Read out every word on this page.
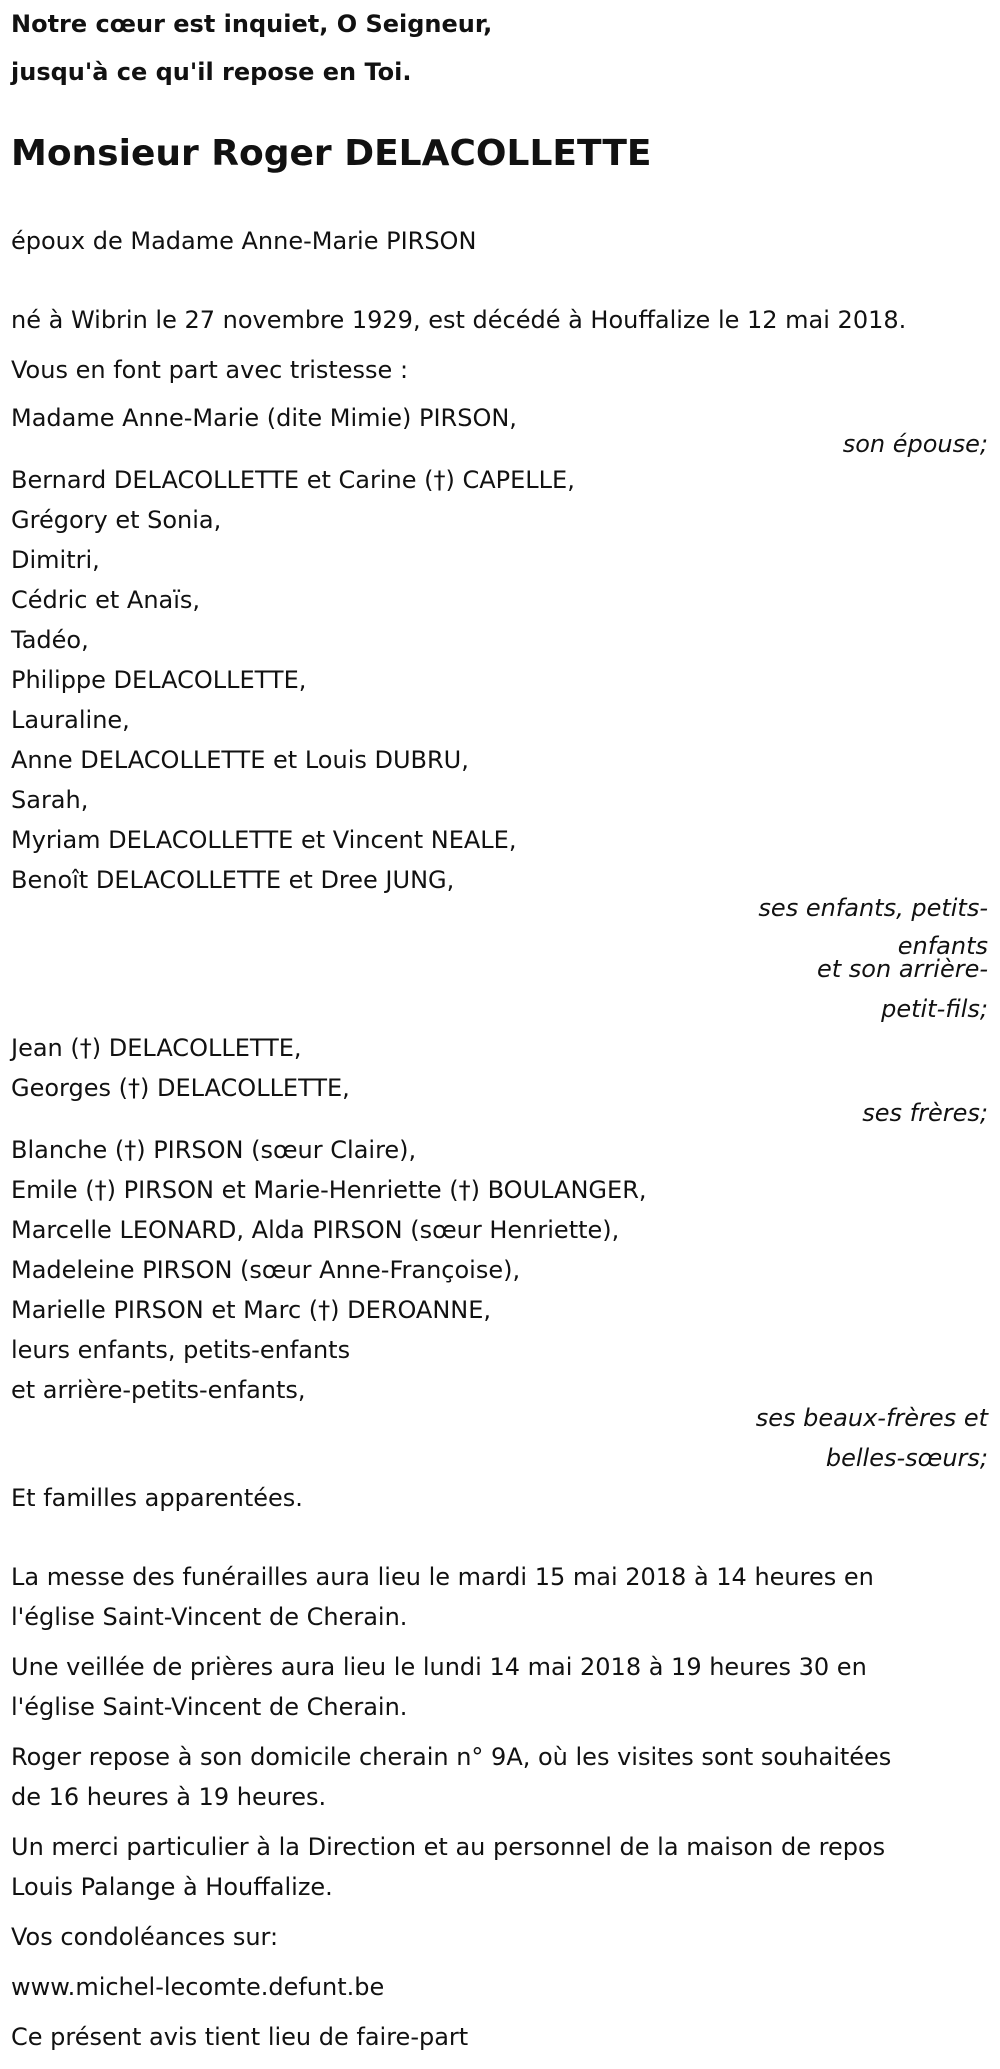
Notre cœur est inquiet, O Seigneur,
jusqu'à ce qu'il repose en Toi.
Monsieur Roger DELACOLLETTE
époux de Madame Anne-Marie PIRSON
né à Wibrin le 27 novembre 1929, est décédé à Houffalize le 12 mai 2018.
Vous en font part avec tristesse :
Madame Anne-Marie (dite Mimie) PIRSON,
son épouse;
Bernard DELACOLLETTE et Carine (†) CAPELLE,
Grégory et Sonia,
Dimitri,
Cédric et Anaïs,
Tadéo,
Philippe DELACOLLETTE,
Lauraline,
Anne DELACOLLETTE et Louis DUBRU,
Sarah,
Myriam DELACOLLETTE et Vincent NEALE,
Benoît DELACOLLETTE et Dree JUNG,
ses enfants, petits-
enfants
et son arrière-
petit-fils;
Jean (†) DELACOLLETTE,
Georges (†) DELACOLLETTE,
ses frères;
Blanche (†) PIRSON (sœur Claire),
Emile (†) PIRSON et Marie-Henriette (†) BOULANGER,
Marcelle LEONARD, Alda PIRSON (sœur Henriette),
Madeleine PIRSON (sœur Anne-Françoise),
Marielle PIRSON et Marc (†) DEROANNE,
leurs enfants, petits-enfants
et arrière-petits-enfants,
ses beaux-frères et
belles-sœurs;
Et familles apparentées.
La messe des funérailles aura lieu le mardi 15 mai 2018 à 14 heures en
l'église Saint-Vincent de Cherain.
Une veillée de prières aura lieu le lundi 14 mai 2018 à 19 heures 30 en
l'église Saint-Vincent de Cherain.
Roger repose à son domicile cherain n° 9A, où les visites sont souhaitées
de 16 heures à 19 heures.
Un merci particulier à la Direction et au personnel de la maison de repos
Louis Palange à Houffalize.
Vos condoléances sur:
www.michel-lecomte.defunt.be
Ce présent avis tient lieu de faire-part
